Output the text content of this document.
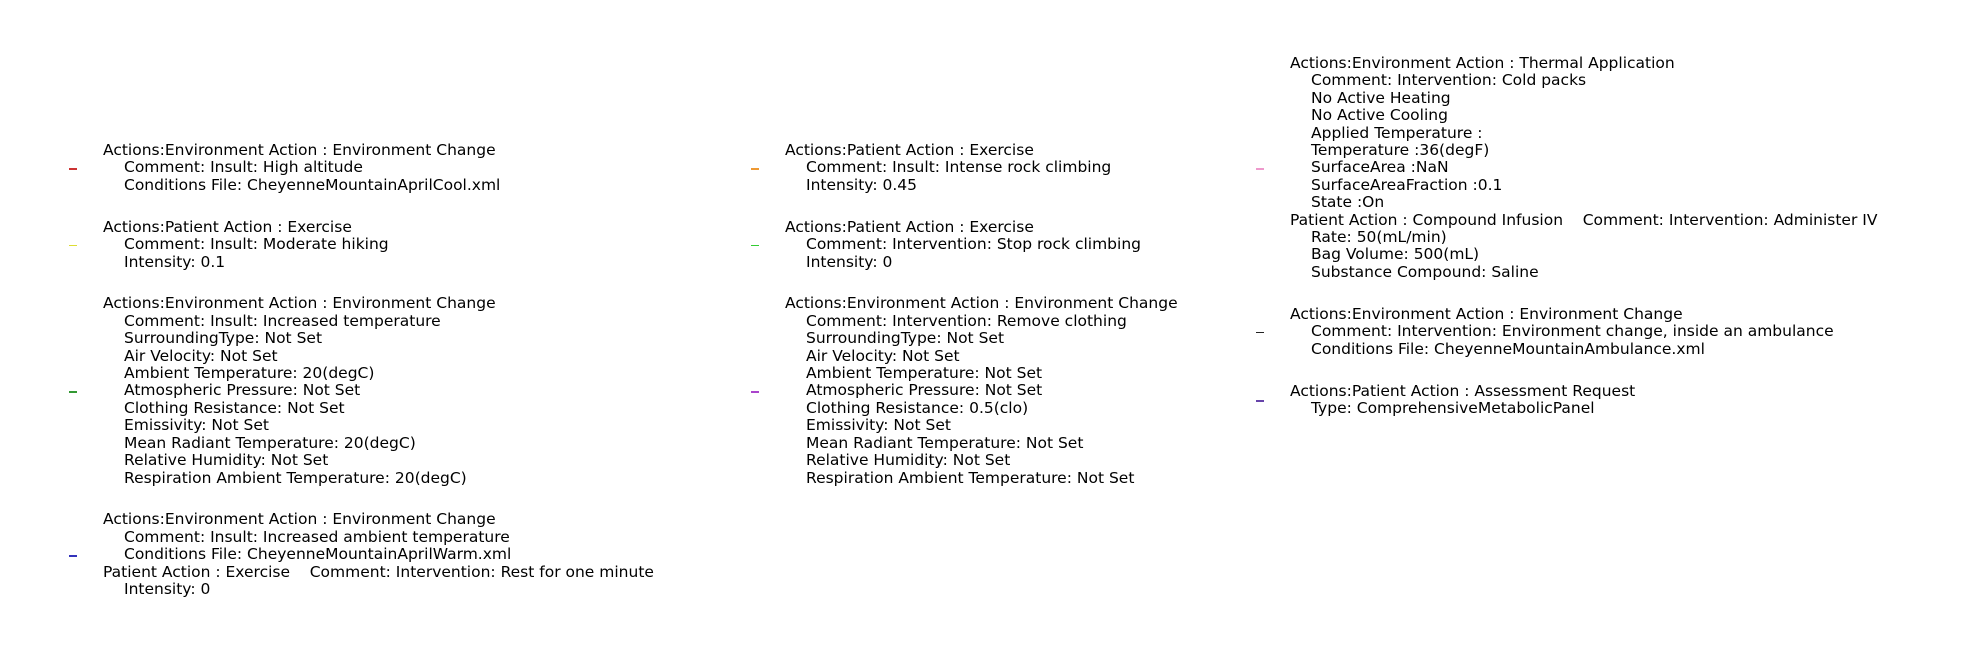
Actions:Environment Action : Environment Change
Comment: Insult: High altitude
Conditions File: CheyenneMountainAprilCool.xml
Actions:Patient Action : Exercise
Comment: Insult: Moderate hiking
Intensity: 0.1
Actions:Environment Action : Environment Change
Comment: Insult: Increased temperature
SurroundingType: Not Set
Air Velocity: Not Set
Ambient Temperature: 20(degC)
Atmospheric Pressure: Not Set
Clothing Resistance: Not Set
Emissivity: Not Set
Mean Radiant Temperature: 20(degC)
Relative Humidity: Not Set
Respiration Ambient Temperature: 20(degC)
Actions:Environment Action : Environment Change
Comment: Insult: Increased ambient temperature
Conditions File: CheyenneMountainAprilWarm.xml
Patient Action : Exercise    Comment: Intervention: Rest for one minute
Intensity: 0
Actions:Patient Action : Exercise
Comment: Insult: Intense rock climbing
Intensity: 0.45
Actions:Patient Action : Exercise
Comment: Intervention: Stop rock climbing
Intensity: 0
Actions:Environment Action : Environment Change
Comment: Intervention: Remove clothing
SurroundingType: Not Set
Air Velocity: Not Set
Ambient Temperature: Not Set
Atmospheric Pressure: Not Set
Clothing Resistance: 0.5(clo)
Emissivity: Not Set
Mean Radiant Temperature: Not Set
Relative Humidity: Not Set
Respiration Ambient Temperature: Not Set
Actions:Environment Action : Thermal Application
Comment: Intervention: Cold packs
No Active Heating
No Active Cooling
Applied Temperature :
Temperature :36(degF)
SurfaceArea :NaN
SurfaceAreaFraction :0.1
State :On
Patient Action : Compound Infusion    Comment: Intervention: Administer IV
Rate: 50(mL/min)
Bag Volume: 500(mL)
Substance Compound: Saline
Actions:Environment Action : Environment Change
Comment: Intervention: Environment change, inside an ambulance
Conditions File: CheyenneMountainAmbulance.xml
Actions:Patient Action : Assessment Request
Type: ComprehensiveMetabolicPanel
